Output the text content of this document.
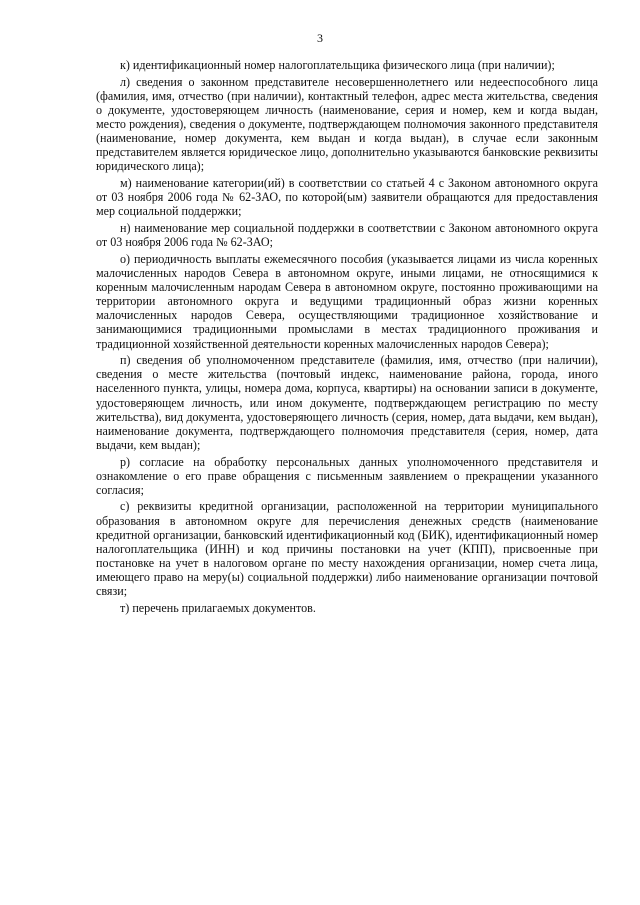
3

к) идентификационный номер налогоплательщика физического лица (при наличии);

л) сведения о законном представителе несовершеннолетнего или недееспособного лица (фамилия, имя, отчество (при наличии), контактный телефон, адрес места жительства, сведения о документе, удостоверяющем личность (наименование, серия и номер, кем и когда выдан, место рождения), сведения о документе, подтверждающем полномочия законного представителя (наименование, номер документа, кем выдан и когда выдан), в случае если законным представителем является юридическое лицо, дополнительно указываются банковские реквизиты юридического лица);

м) наименование категории(ий) в соответствии со статьей 4 с Законом автономного округа от 03 ноября 2006 года № 62-ЗАО, по которой(ым) заявители обращаются для предоставления мер социальной поддержки;

н) наименование мер социальной поддержки в соответствии с Законом автономного округа от 03 ноября 2006 года № 62-ЗАО;

о) периодичность выплаты ежемесячного пособия (указывается лицами из числа коренных малочисленных народов Севера в автономном округе, иными лицами, не относящимися к коренным малочисленным народам Севера в автономном округе, постоянно проживающими на территории автономного округа и ведущими традиционный образ жизни коренных малочисленных народов Севера, осуществляющими традиционное хозяйствование и занимающимися традиционными промыслами в местах традиционного проживания и традиционной хозяйственной деятельности коренных малочисленных народов Севера);

п) сведения об уполномоченном представителе (фамилия, имя, отчество (при наличии), сведения о месте жительства (почтовый индекс, наименование района, города, иного населенного пункта, улицы, номера дома, корпуса, квартиры) на основании записи в документе, удостоверяющем личность, или ином документе, подтверждающем регистрацию по месту жительства), вид документа, удостоверяющего личность (серия, номер, дата выдачи, кем выдан), наименование документа, подтверждающего полномочия представителя (серия, номер, дата выдачи, кем выдан);

р) согласие на обработку персональных данных уполномоченного представителя и ознакомление о его праве обращения с письменным заявлением о прекращении указанного согласия;

с) реквизиты кредитной организации, расположенной на территории муниципального образования в автономном округе для перечисления денежных средств (наименование кредитной организации, банковский идентификационный код (БИК), идентификационный номер налогоплательщика (ИНН) и код причины постановки на учет (КПП), присвоенные при постановке на учет в налоговом органе по месту нахождения организации, номер счета лица, имеющего право на меру(ы) социальной поддержки) либо наименование организации почтовой связи;

т) перечень прилагаемых документов.
